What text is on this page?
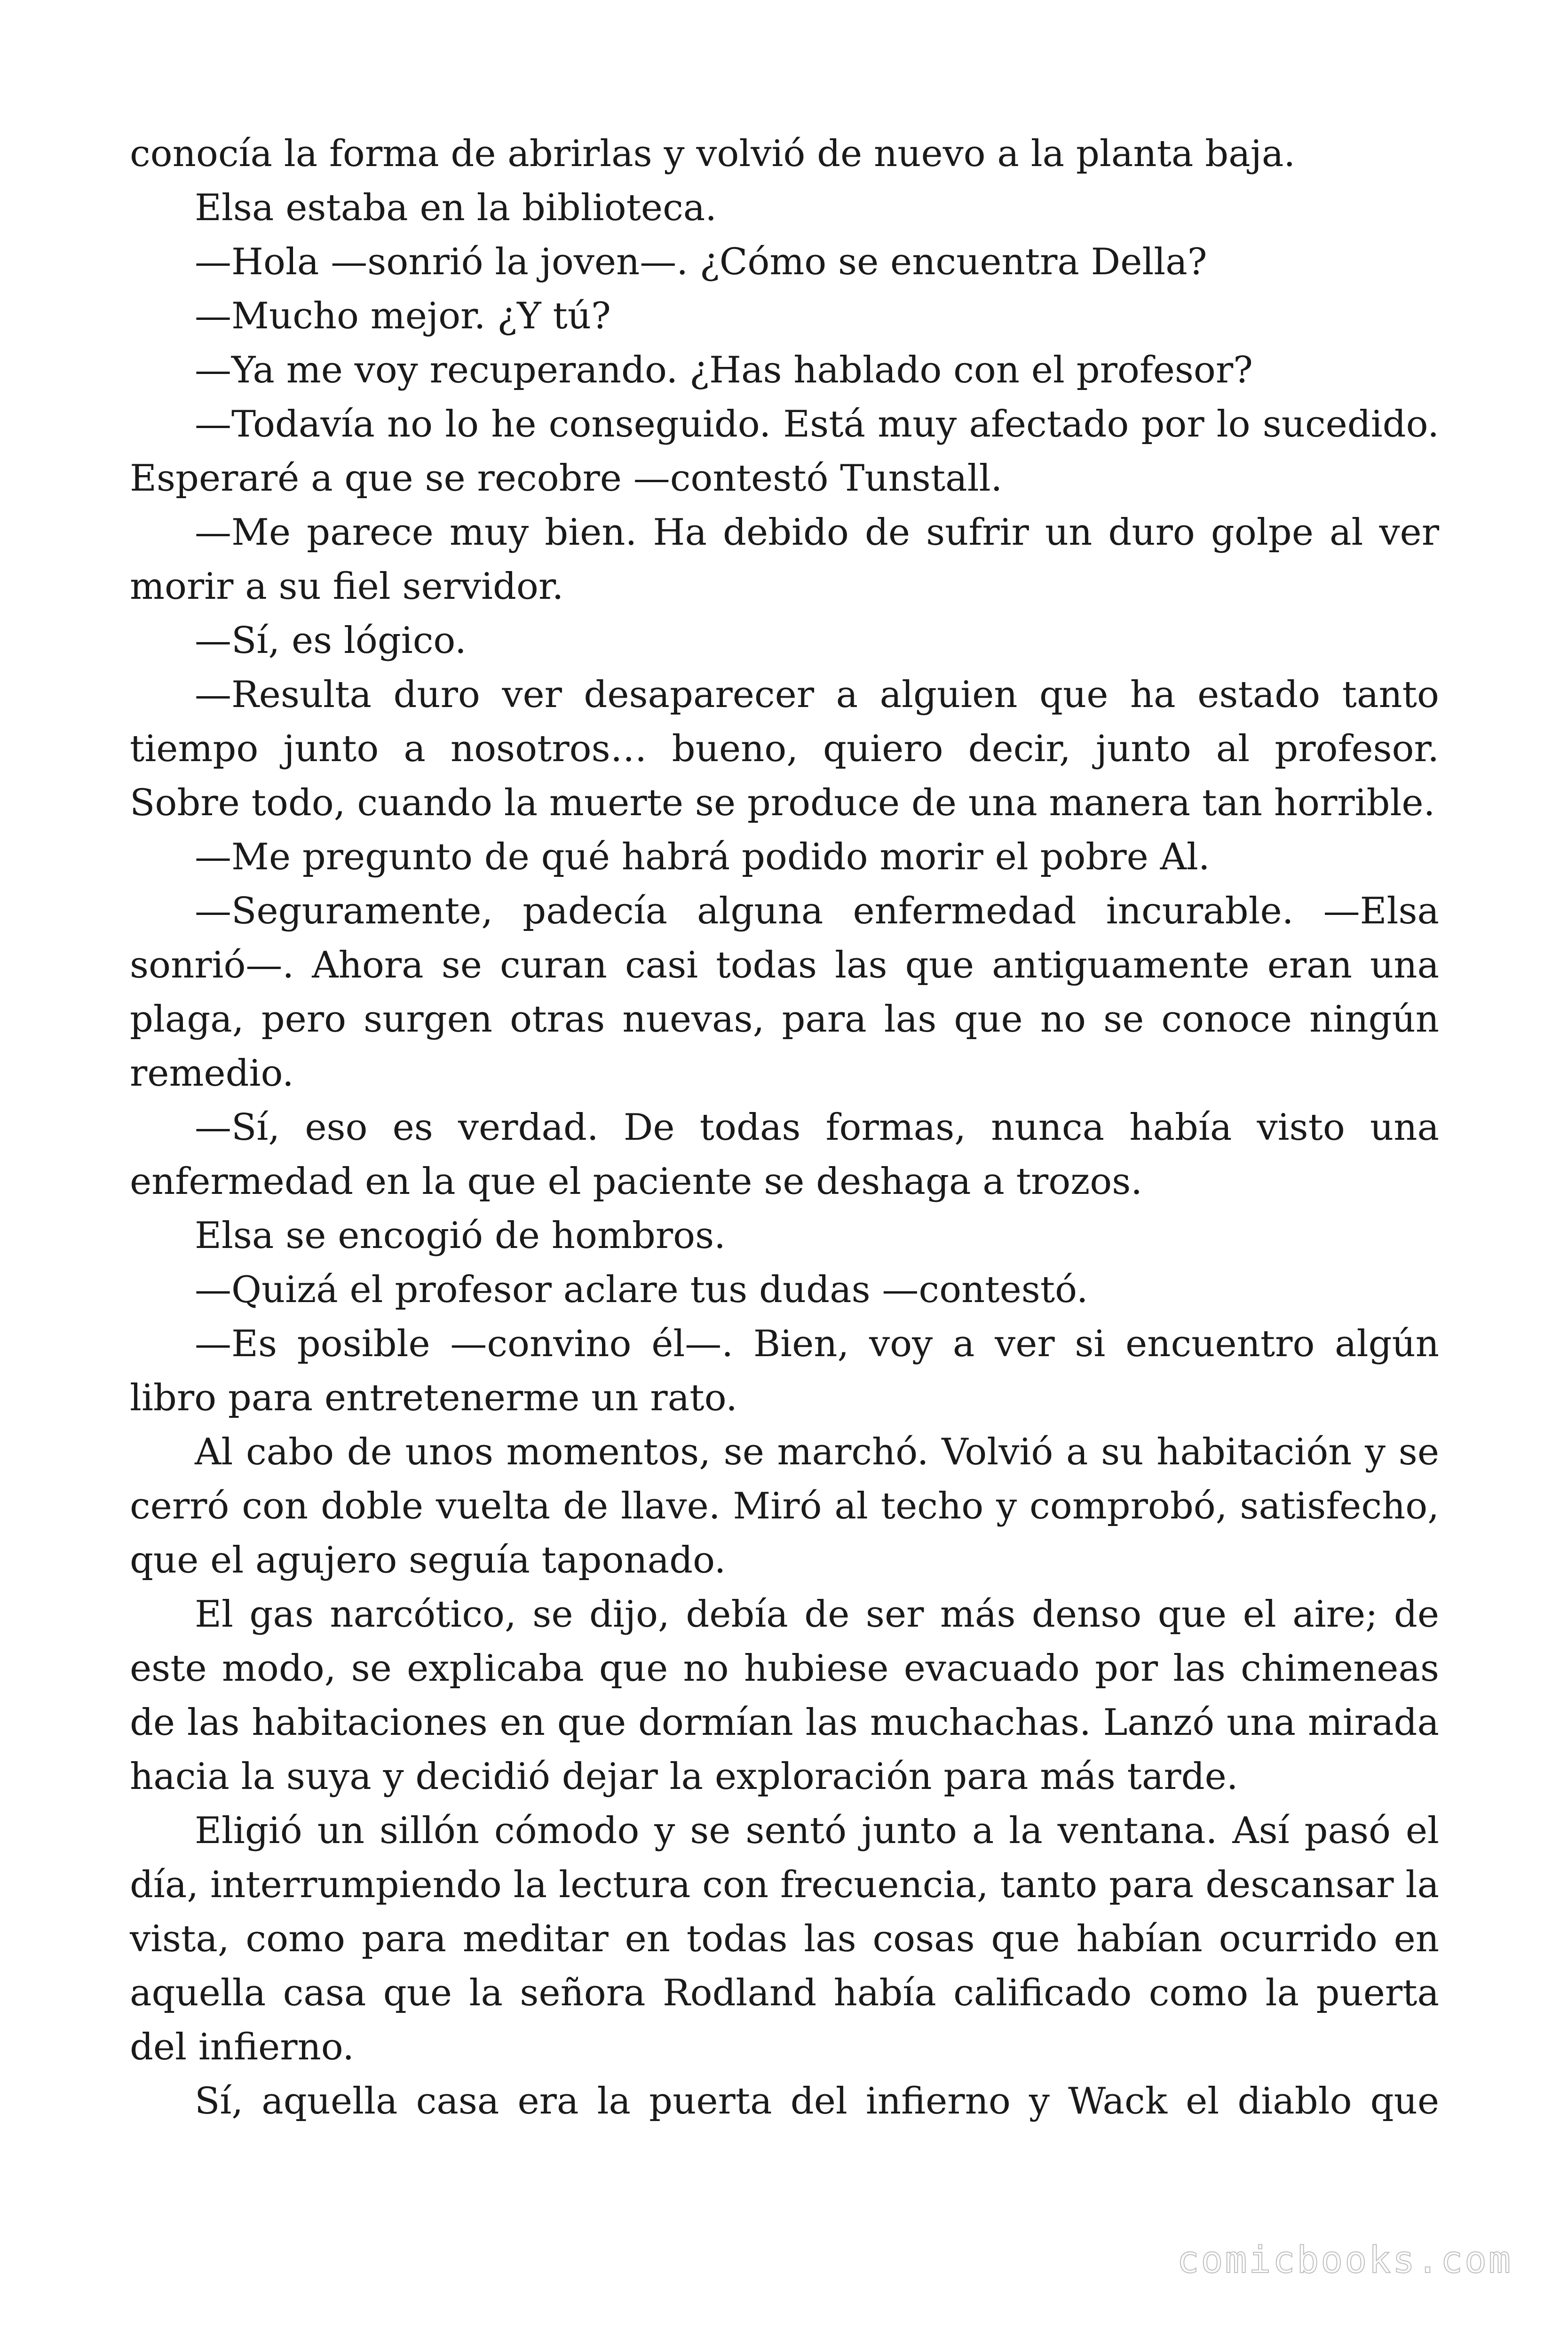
conocía la forma de abrirlas y volvió de nuevo a la planta baja.

Elsa estaba en la biblioteca.

—Hola —sonrió la joven—. ¿Cómo se encuentra Della?

—Mucho mejor. ¿Y tú?

—Ya me voy recuperando. ¿Has hablado con el profesor?

—Todavía no lo he conseguido. Está muy afectado por lo sucedido. Esperaré a que se recobre —contestó Tunstall.

—Me parece muy bien. Ha debido de sufrir un duro golpe al ver morir a su fiel servidor.

—Sí, es lógico.

—Resulta duro ver desaparecer a alguien que ha estado tanto tiempo junto a nosotros… bueno, quiero decir, junto al profesor. Sobre todo, cuando la muerte se produce de una manera tan horrible.

—Me pregunto de qué habrá podido morir el pobre Al.

—Seguramente, padecía alguna enfermedad incurable. —Elsa sonrió—. Ahora se curan casi todas las que antiguamente eran una plaga, pero surgen otras nuevas, para las que no se conoce ningún remedio.

—Sí, eso es verdad. De todas formas, nunca había visto una enfermedad en la que el paciente se deshaga a trozos.

Elsa se encogió de hombros.

—Quizá el profesor aclare tus dudas —contestó.

—Es posible —convino él—. Bien, voy a ver si encuentro algún libro para entretenerme un rato.

Al cabo de unos momentos, se marchó. Volvió a su habitación y se cerró con doble vuelta de llave. Miró al techo y comprobó, satisfecho, que el agujero seguía taponado.

El gas narcótico, se dijo, debía de ser más denso que el aire; de este modo, se explicaba que no hubiese evacuado por las chimeneas de las habitaciones en que dormían las muchachas. Lanzó una mirada hacia la suya y decidió dejar la exploración para más tarde.

Eligió un sillón cómodo y se sentó junto a la ventana. Así pasó el día, interrumpiendo la lectura con frecuencia, tanto para descansar la vista, como para meditar en todas las cosas que habían ocurrido en aquella casa que la señora Rodland había calificado como la puerta del infierno.

Sí, aquella casa era la puerta del infierno y Wack el diablo que

comicbooks.com
